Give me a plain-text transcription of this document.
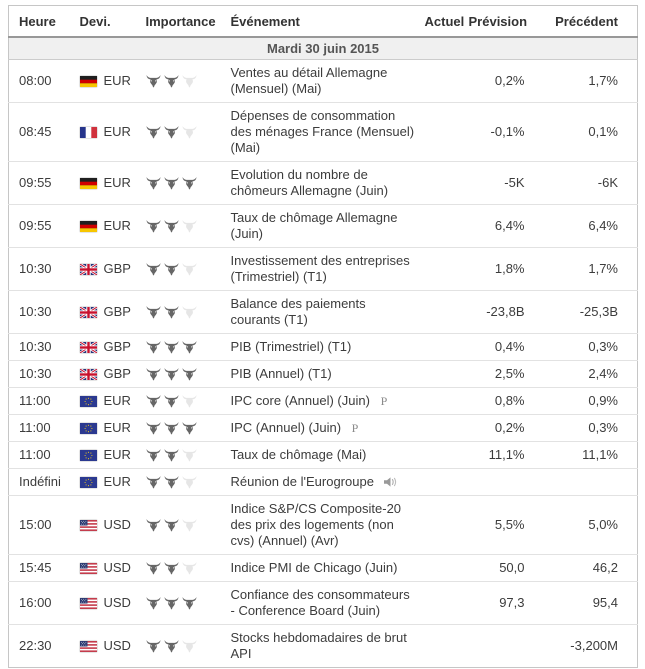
Heure	Devi.	Importance	Événement	Actuel	Prévision	Précédent
Mardi 30 juin 2015						
08:00	EUR		Ventes au détail Allemagne (Mensuel) (Mai)		0,2%	1,7%
08:45	EUR		Dépenses de consommation des ménages France (Mensuel) (Mai)		-0,1%	0,1%
09:55	EUR		Evolution du nombre de chômeurs Allemagne (Juin)		-5K	-6K
09:55	EUR		Taux de chômage Allemagne (Juin)		6,4%	6,4%
10:30	GBP		Investissement des entreprises (Trimestriel) (T1)		1,8%	1,7%
10:30	GBP		Balance des paiements courants (T1)		-23,8B	-25,3B
10:30	GBP		PIB (Trimestriel) (T1)		0,4%	0,3%
10:30	GBP		PIB (Annuel) (T1)		2,5%	2,4%
11:00	EUR		IPC core (Annuel) (Juin) P		0,8%	0,9%
11:00	EUR		IPC (Annuel) (Juin) P		0,2%	0,3%
11:00	EUR		Taux de chômage (Mai)		11,1%	11,1%
Indéfini	EUR		Réunion de l'Eurogroupe			
15:00	USD		Indice S&P/CS Composite-20 des prix des logements (non cvs) (Annuel) (Avr)		5,5%	5,0%
15:45	USD		Indice PMI de Chicago (Juin)		50,0	46,2
16:00	USD		Confiance des consommateurs - Conference Board (Juin)		97,3	95,4
22:30	USD		Stocks hebdomadaires de brut API			-3,200M
